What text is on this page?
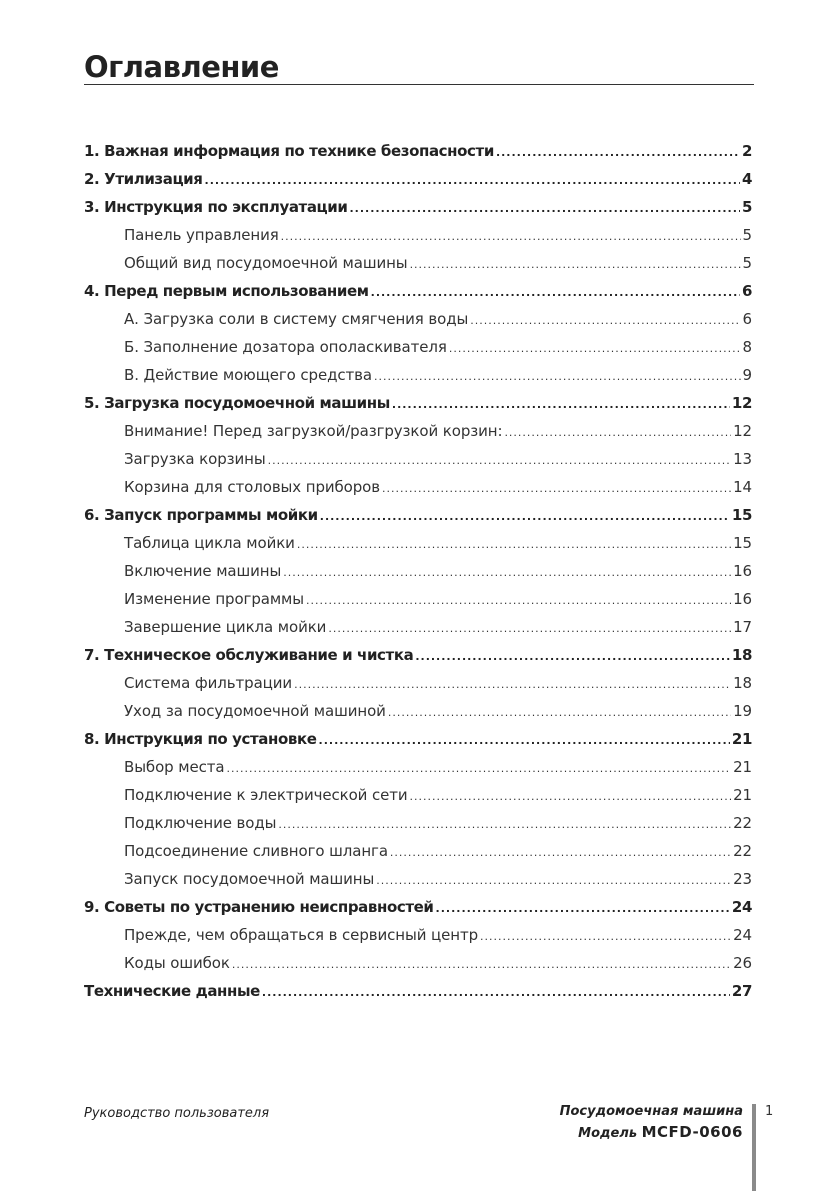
Оглавление
1. Важная информация по технике безопасности .....	2
2. Утилизация .....	4
3. Инструкция по эксплуатации .....	5
Панель управления .....	5
Общий вид посудомоечной машины .....	5
4. Перед первым использованием .....	6
А. Загрузка соли в систему смягчения воды .....	6
Б. Заполнение дозатора ополаскивателя .....	8
В. Действие моющего средства .....	9
5. Загрузка посудомоечной машины .....	12
Внимание! Перед загрузкой/разгрузкой корзин: .....	12
Загрузка корзины .....	13
Корзина для столовых приборов .....	14
6. Запуск программы мойки .....	15
Таблица цикла мойки .....	15
Включение машины .....	16
Изменение программы .....	16
Завершение цикла мойки .....	17
7. Техническое обслуживание и чистка .....	18
Система фильтрации .....	18
Уход за посудомоечной машиной .....	19
8. Инструкция по установке .....	21
Выбор места .....	21
Подключение к электрической сети .....	21
Подключение воды .....	22
Подсоединение сливного шланга .....	22
Запуск посудомоечной машины .....	23
9. Советы по устранению неисправностей .....	24
Прежде, чем обращаться в сервисный центр .....	24
Коды ошибок .....	26
Технические данные .....	27
Руководство пользователя	Посудомоечная машина
Модель MCFD-0606
1
